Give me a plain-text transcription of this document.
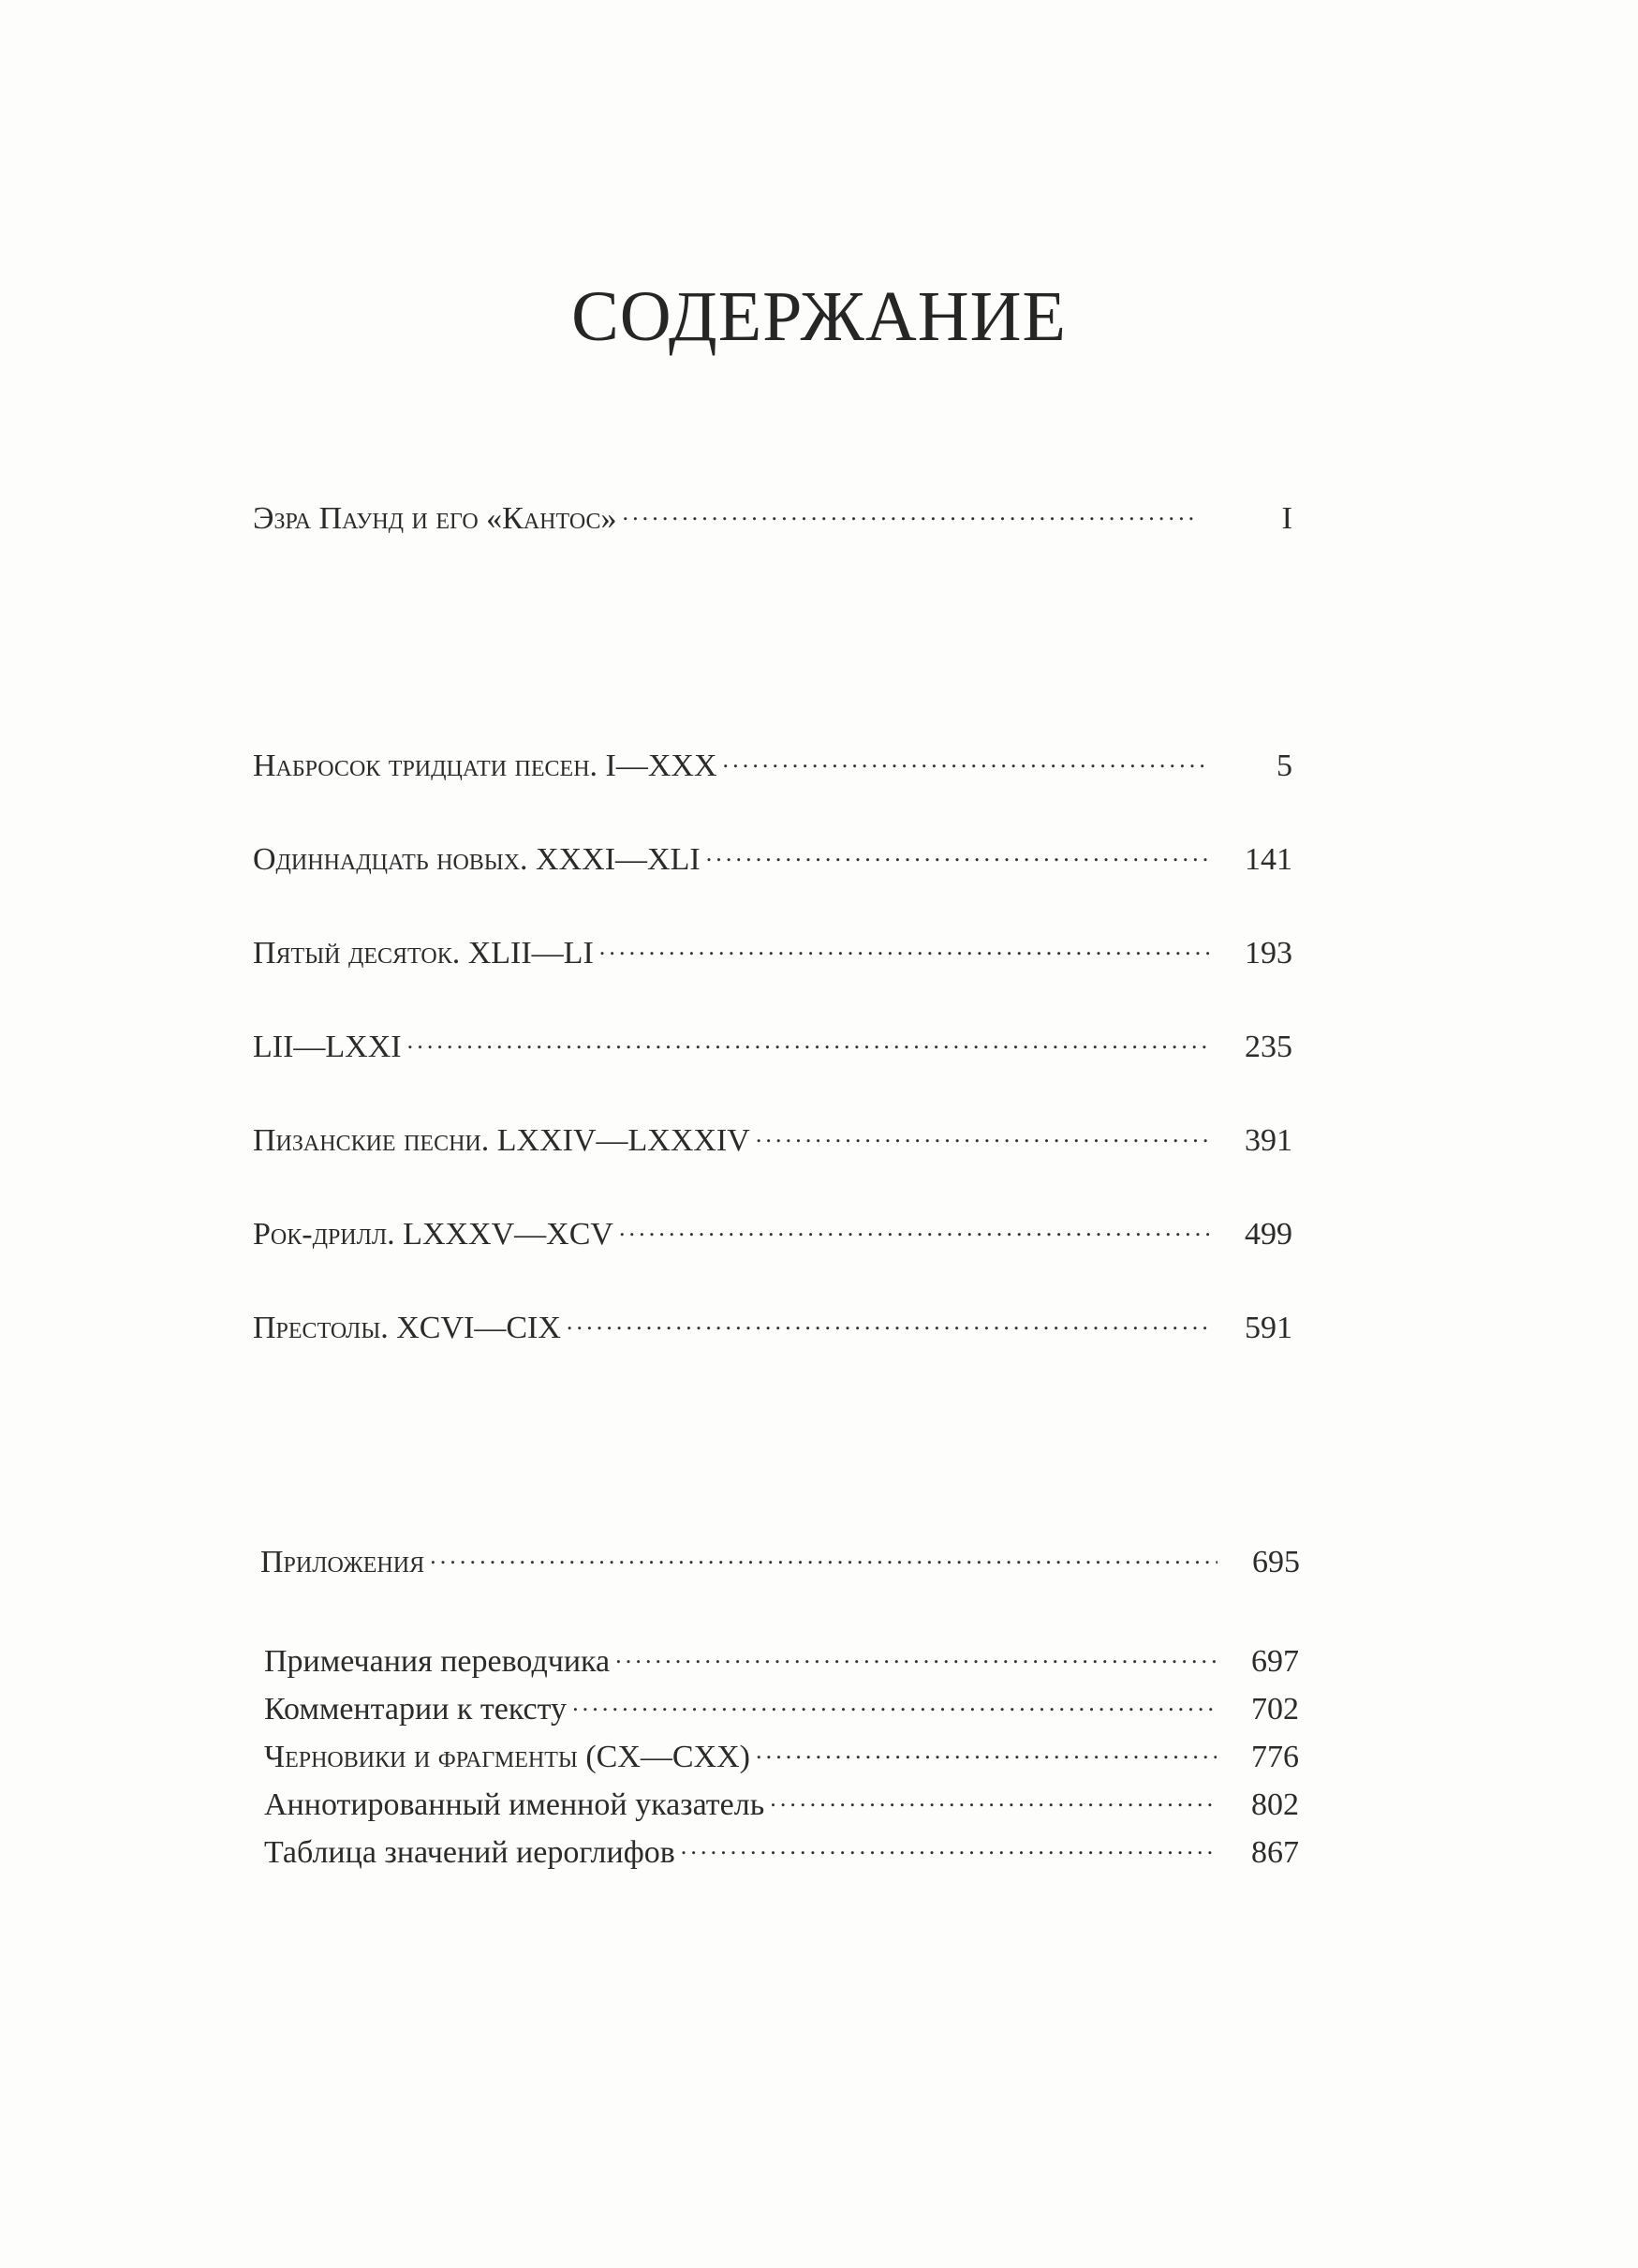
СОДЕРЖАНИЕ
Эзра Паунд и его «Кантос» . . .	I
Набросок тридцати песен. I—XXX . . .	5
Одиннадцать новых. XXXI—XLI . . .	141
Пятый десяток. XLII—LI . . .	193
LII—LXXI . . .	235
Пизанские песни. LXXIV—LXXXIV . . .	391
Рок-дрилл. LXXXV—XCV . . .	499
Престолы. XCVI—CIX . . .	591
Приложения . . .	695
Примечания переводчика . . .	697
Комментарии к тексту . . .	702
Черновики и фрагменты (CX—CXX) . . .	776
Аннотированный именной указатель . . .	802
Таблица значений иероглифов . . .	867
